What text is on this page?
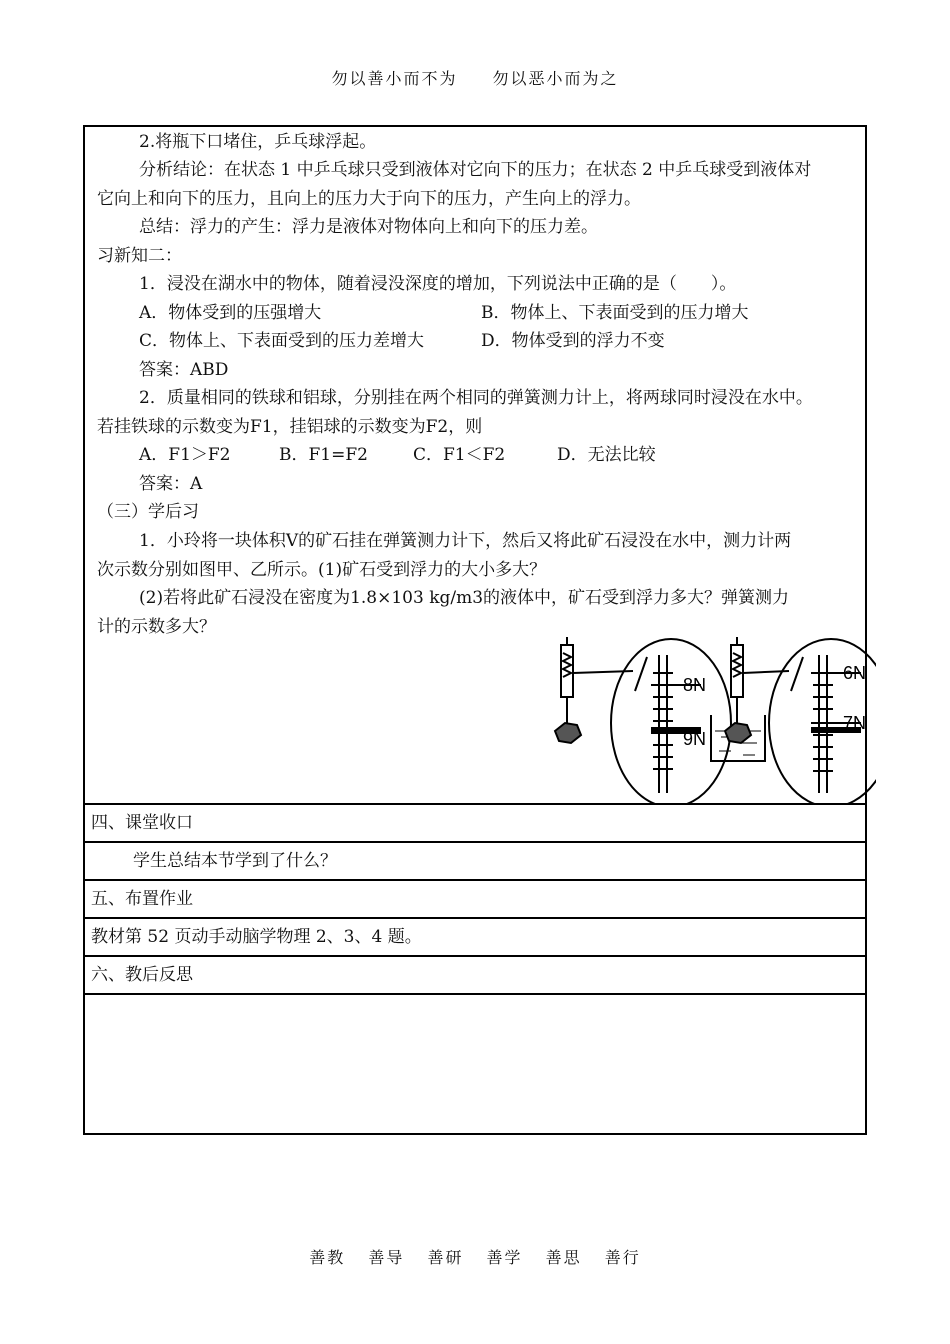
勿以善小而不为 勿以恶小而为之
2.将瓶下口堵住，乒乓球浮起。
分析结论：在状态 1 中乒乓球只受到液体对它向下的压力；在状态 2 中乒乓球受到液体对
它向上和向下的压力，且向上的压力大于向下的压力，产生向上的浮力。
总结：浮力的产生：浮力是液体对物体向上和向下的压力差。
习新知二：
1．浸没在湖水中的物体，随着浸没深度的增加，下列说法中正确的是（　　）。
A．物体受到的压强增大	B．物体上、下表面受到的压力增大
C．物体上、下表面受到的压力差增大	D．物体受到的浮力不变
答案：ABD
2．质量相同的铁球和铝球，分别挂在两个相同的弹簧测力计上，将两球同时浸没在水中。
若挂铁球的示数变为F1，挂铝球的示数变为F2，则
A．F1＞F2	B．F1=F2	C．F1＜F2	D．无法比较
答案：A
（三）学后习
1．小玲将一块体积V的矿石挂在弹簧测力计下，然后又将此矿石浸没在水中，测力计两
次示数分别如图甲、乙所示。(1)矿石受到浮力的大小多大？
(2)若将此矿石浸没在密度为1.8×103 kg/m3的液体中，矿石受到浮力多大？弹簧测力
计的示数多大？
8N
9N
6N
7N

四、课堂收口
学生总结本节学到了什么？
五、布置作业
教材第 52 页动手动脑学物理 2、3、4 题。
六、教后反思

善教 善导 善研 善学 善思 善行
